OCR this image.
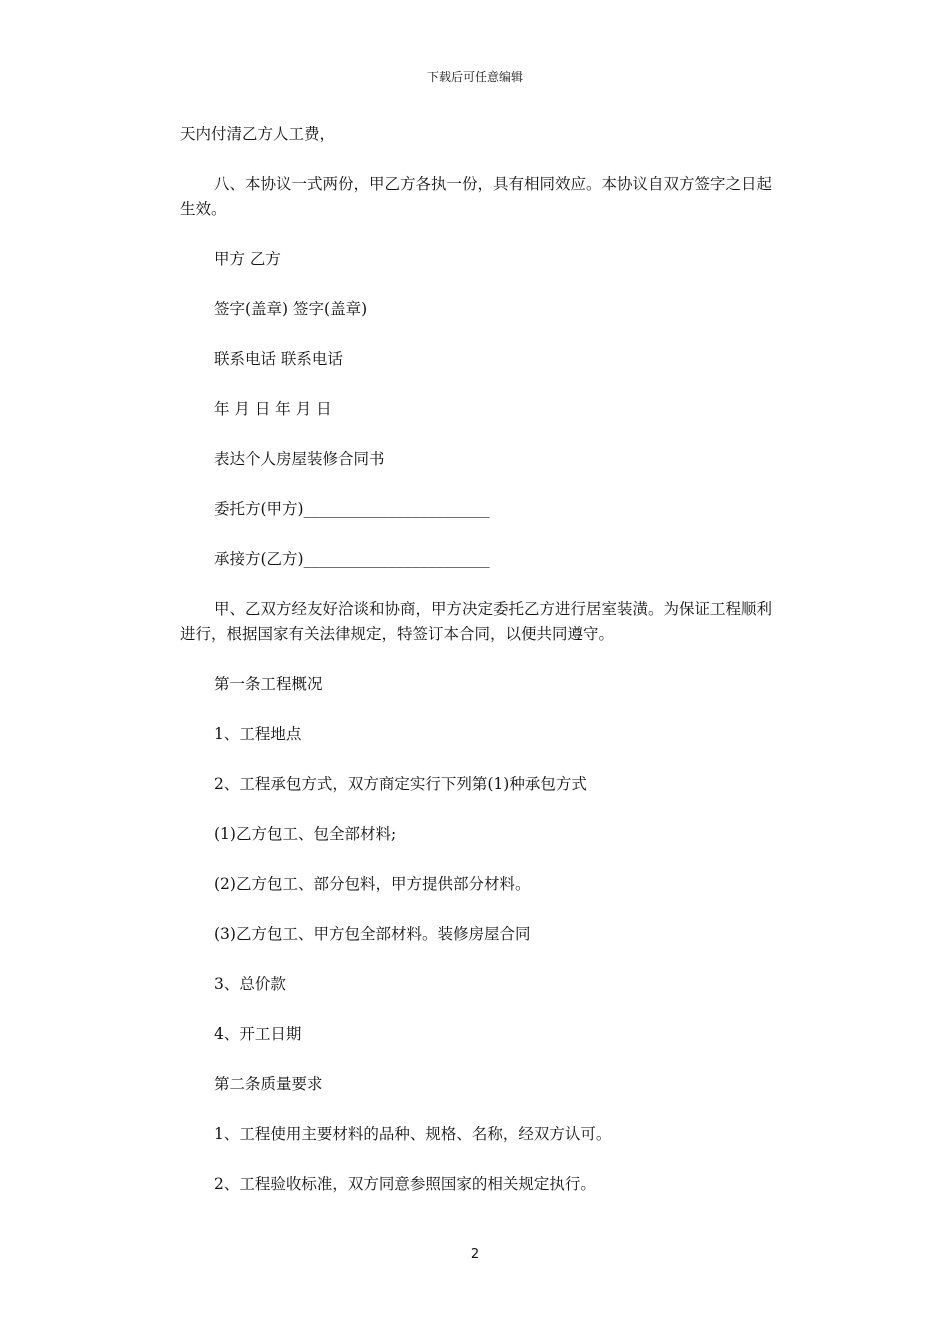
下载后可任意编辑

天内付清乙方人工费，

八、本协议一式两份，甲乙方各执一份，具有相同效应。本协议自双方签字之日起生效。

甲方 乙方

签字(盖章) 签字(盖章)

联系电话 联系电话

年 月 日 年 月 日

表达个人房屋装修合同书

委托方(甲方)________________________

承接方(乙方)________________________

甲、乙双方经友好洽谈和协商，甲方决定委托乙方进行居室装潢。为保证工程顺利进行，根据国家有关法律规定，特签订本合同，以便共同遵守。

第一条工程概况

1、工程地点

2、工程承包方式，双方商定实行下列第(1)种承包方式

(1)乙方包工、包全部材料;

(2)乙方包工、部分包料，甲方提供部分材料。

(3)乙方包工、甲方包全部材料。装修房屋合同

3、总价款

4、开工日期

第二条质量要求

1、工程使用主要材料的品种、规格、名称，经双方认可。

2、工程验收标准，双方同意参照国家的相关规定执行。

2
